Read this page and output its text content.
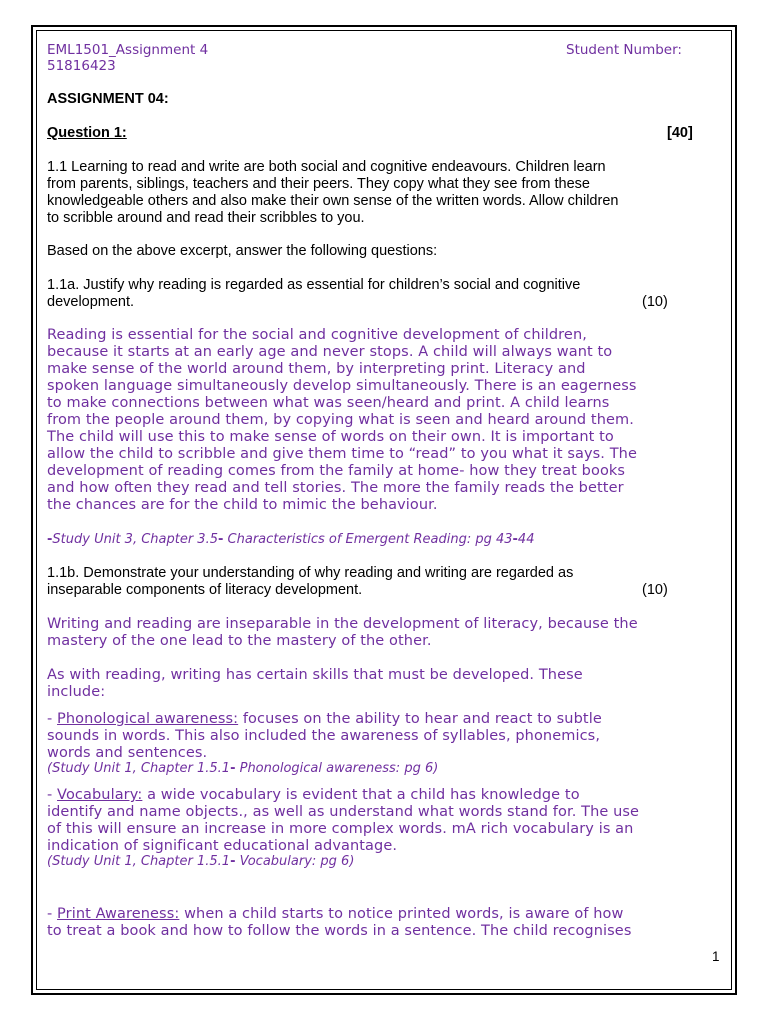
EML1501_Assignment 4	Student Number:

51816423

ASSIGNMENT 04:

Question 1:	[40]

1.1 Learning to read and write are both social and cognitive endeavours. Children learn
from parents, siblings, teachers and their peers. They copy what they see from these
knowledgeable others and also make their own sense of the written words. Allow children
to scribble around and read their scribbles to you.

Based on the above excerpt, answer the following questions:

1.1a. Justify why reading is regarded as essential for children’s social and cognitive

development.	(10)

Reading is essential for the social and cognitive development of children,
because it starts at an early age and never stops. A child will always want to
make sense of the world around them, by interpreting print. Literacy and
spoken language simultaneously develop simultaneously. There is an eagerness
to make connections between what was seen/heard and print. A child learns
from the people around them, by copying what is seen and heard around them.
The child will use this to make sense of words on their own. It is important to
allow the child to scribble and give them time to “read” to you what it says. The
development of reading comes from the family at home- how they treat books
and how often they read and tell stories. The more the family reads the better
the chances are for the child to mimic the behaviour.

-Study Unit 3, Chapter 3.5- Characteristics of Emergent Reading: pg 43-44

1.1b. Demonstrate your understanding of why reading and writing are regarded as

inseparable components of literacy development.	(10)

Writing and reading are inseparable in the development of literacy, because the
mastery of the one lead to the mastery of the other.
As with reading, writing has certain skills that must be developed. These
include:
- Phonological awareness: focuses on the ability to hear and react to subtle
sounds in words. This also included the awareness of syllables, phonemics,
words and sentences.

(Study Unit 1, Chapter 1.5.1- Phonological awareness: pg 6)

- Vocabulary: a wide vocabulary is evident that a child has knowledge to
identify and name objects., as well as understand what words stand for. The use
of this will ensure an increase in more complex words. mA rich vocabulary is an
indication of significant educational advantage.

(Study Unit 1, Chapter 1.5.1- Vocabulary: pg 6)

- Print Awareness: when a child starts to notice printed words, is aware of how
to treat a book and how to follow the words in a sentence. The child recognises

1
